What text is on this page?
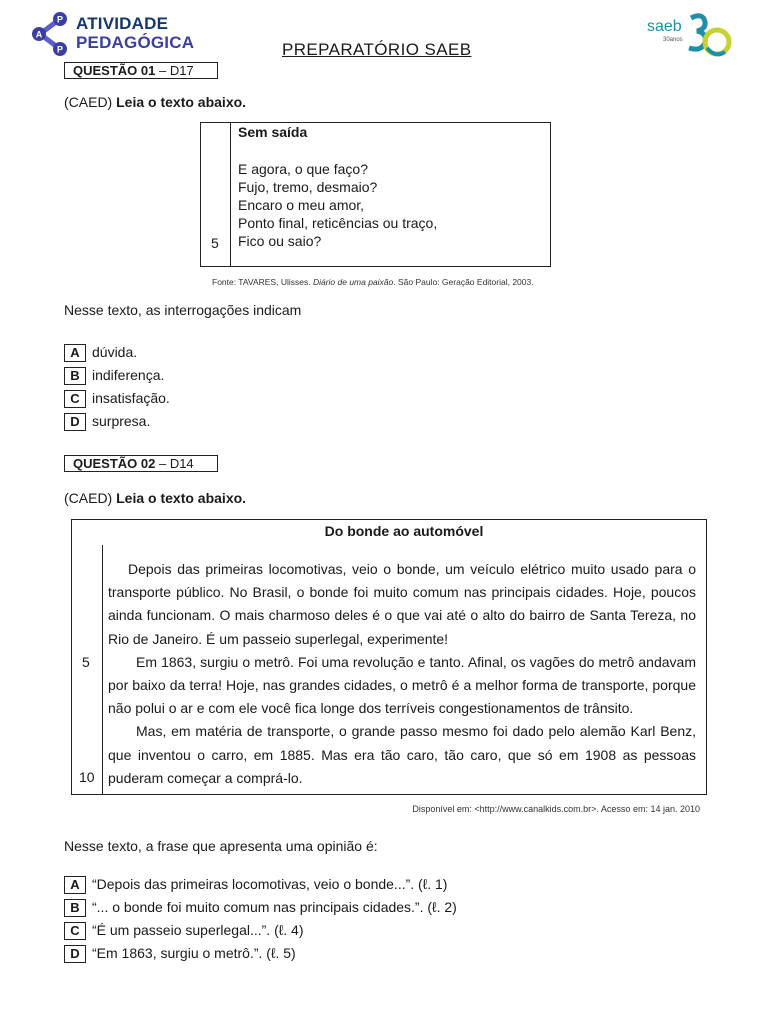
P
A
P
ATIVIDADE
PEDAGÓGICA	PREPARATÓRIO SAEB
saeb
30anos
QUESTÃO 01 – D17
(CAED) Leia o texto abaixo.
5
Sem saída
E agora, o que faço?
Fujo, tremo, desmaio?
Encaro o meu amor,
Ponto final, reticências ou traço,
Fico ou saio?
Fonte: TAVARES, Ulisses. Diário de uma paixão. São Paulo: Geração Editorial, 2003.
Nesse texto, as interrogações indicam
A dúvida.
B indiferença.
C insatisfação.
D surpresa.
QUESTÃO 02 – D14
(CAED) Leia o texto abaixo.
5
10
Do bonde ao automóvel
Depois das primeiras locomotivas, veio o bonde, um veículo elétrico muito usado para o transporte público. No Brasil, o bonde foi muito comum nas principais cidades. Hoje, poucos ainda funcionam. O mais charmoso deles é o que vai até o alto do bairro de Santa Tereza, no Rio de Janeiro. É um passeio superlegal, experimente!
Em 1863, surgiu o metrô. Foi uma revolução e tanto. Afinal, os vagões do metrô andavam por baixo da terra! Hoje, nas grandes cidades, o metrô é a melhor forma de transporte, porque não polui o ar e com ele você fica longe dos terríveis congestionamentos de trânsito.
Mas, em matéria de transporte, o grande passo mesmo foi dado pelo alemão Karl Benz, que inventou o carro, em 1885. Mas era tão caro, tão caro, que só em 1908 as pessoas puderam começar a comprá-lo.
Disponível em: <http://www.canalkids.com.br>. Acesso em: 14 jan. 2010
Nesse texto, a frase que apresenta uma opinião é:
A “Depois das primeiras locomotivas, veio o bonde...”. (ℓ. 1)
B “... o bonde foi muito comum nas principais cidades.”. (ℓ. 2)
C “É um passeio superlegal...”. (ℓ. 4)
D “Em 1863, surgiu o metrô.”. (ℓ. 5)
